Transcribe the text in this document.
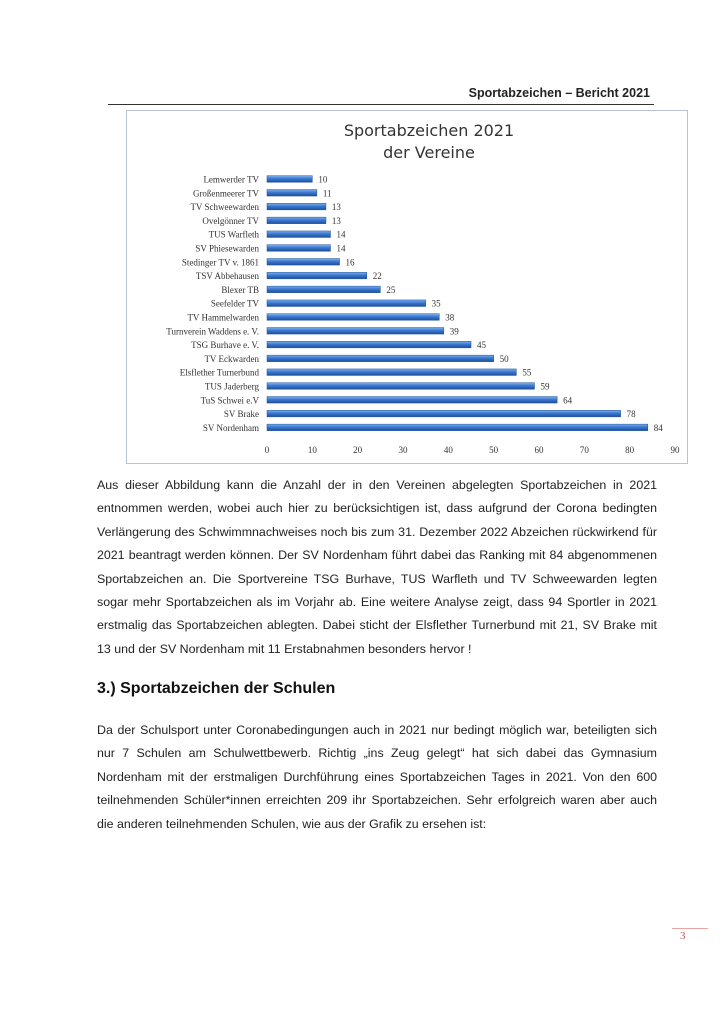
Sportabzeichen – Bericht 2021
Sportabzeichen 2021
der Vereine
Lemwerder TV	10
Großenmeerer TV	11
TV Schweewarden	13
Ovelgönner TV	13
TUS Warfleth	14
SV Phiesewarden	14
Stedinger TV v. 1861	16
TSV Abbehausen	22
Blexer TB	25
Seefelder TV	35
TV Hammelwarden	38
Turnverein Waddens e. V.	39
TSG Burhave e. V.	45
TV Eckwarden	50
Elsflether Turnerbund	55
TUS Jaderberg	59
TuS Schwei e.V	64
SV Brake	78
SV Nordenham	84
0	10	20	30	40	50	60	70	80	90
Aus dieser Abbildung kann die Anzahl der in den Vereinen abgelegten Sportabzeichen in 2021 entnommen werden, wobei auch hier zu berücksichtigen ist, dass aufgrund der Corona bedingten Verlängerung des Schwimmnachweises noch bis zum 31. Dezember 2022 Abzeichen rückwirkend für 2021 beantragt werden können. Der SV Nordenham führt dabei das Ranking mit 84 abgenommenen Sportabzeichen an. Die Sportvereine TSG Burhave, TUS Warfleth und TV Schweewarden legten sogar mehr Sportabzeichen als im Vorjahr ab. Eine weitere Analyse zeigt, dass 94 Sportler in 2021 erstmalig das Sportabzeichen ablegten. Dabei sticht der Elsflether Turnerbund mit 21, SV Brake mit 13 und der SV Nordenham mit 11 Erstabnahmen besonders hervor !
3.) Sportabzeichen der Schulen
Da der Schulsport unter Coronabedingungen auch in 2021 nur bedingt möglich war, beteiligten sich nur 7 Schulen am Schulwettbewerb. Richtig „ins Zeug gelegt“ hat sich dabei das Gymnasium Nordenham mit der erstmaligen Durchführung eines Sportabzeichen Tages in 2021. Von den 600 teilnehmenden Schüler*innen erreichten 209 ihr Sportabzeichen. Sehr erfolgreich waren aber auch die anderen teilnehmenden Schulen, wie aus der Grafik zu ersehen ist:
3
